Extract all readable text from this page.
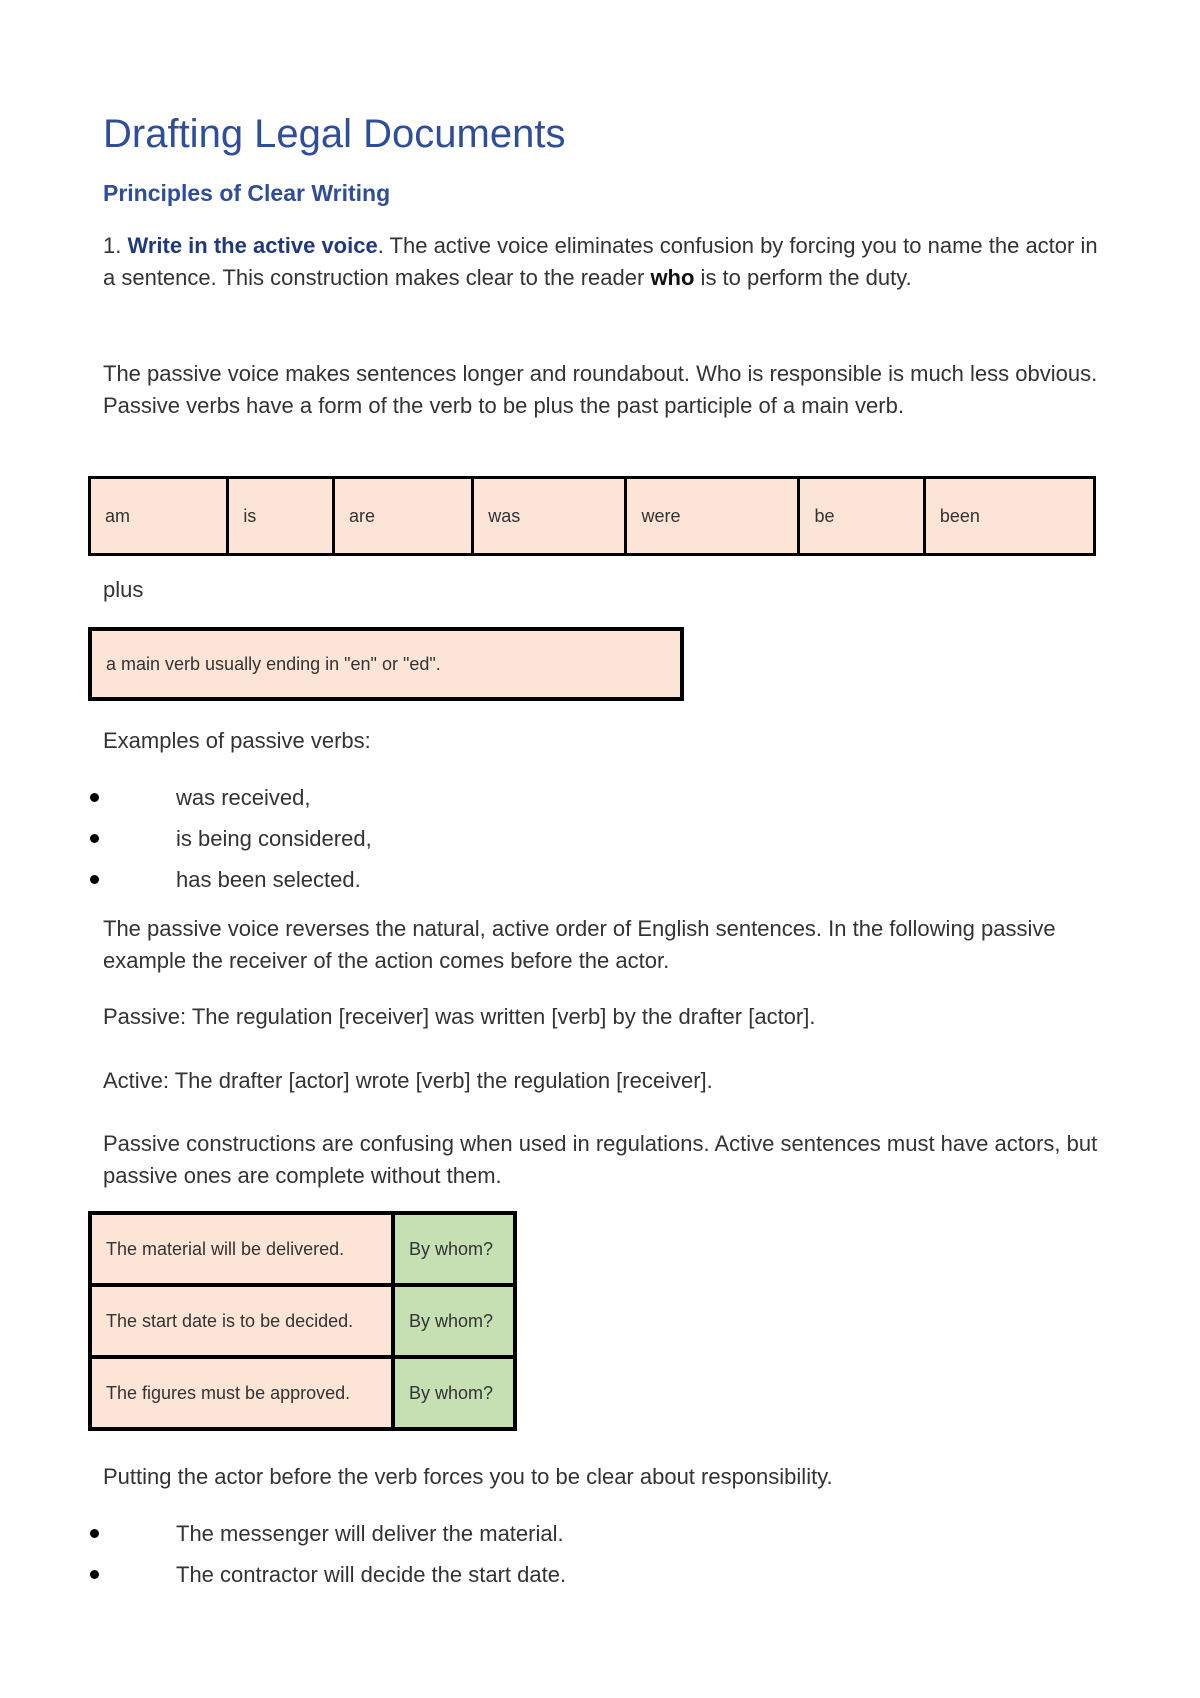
Drafting Legal Documents
Principles of Clear Writing

1. Write in the active voice. The active voice eliminates confusion by forcing you to name the actor in a sentence. This construction makes clear to the reader who is to perform the duty.

The passive voice makes sentences longer and roundabout. Who is responsible is much less obvious. Passive verbs have a form of the verb to be plus the past participle of a main verb.

am	is	are	was	were	be	been
plus
a main verb usually ending in "en" or "ed".
Examples of passive verbs:
was received,
is being considered,
has been selected.

The passive voice reverses the natural, active order of English sentences. In the following passive example the receiver of the action comes before the actor.

Passive: The regulation [receiver] was written [verb] by the drafter [actor].

Active: The drafter [actor] wrote [verb] the regulation [receiver].

Passive constructions are confusing when used in regulations. Active sentences must have actors, but passive ones are complete without them.

The material will be delivered.	By whom?
The start date is to be decided.	By whom?
The figures must be approved.	By whom?
Putting the actor before the verb forces you to be clear about responsibility.
The messenger will deliver the material.
The contractor will decide the start date.
